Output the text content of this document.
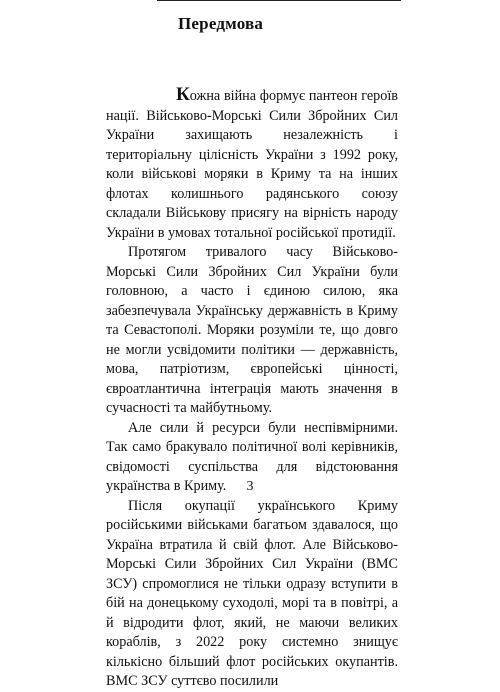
Передмова

Кожна війна формує пантеон героїв нації. Військово-Морські Сили Збройних Сил України захищають незалежність і територіальну цілісність України з 1992 року, коли військові моряки в Криму та на інших флотах колишнього радянського союзу складали Військову присягу на вірність народу України в умовах тотальної російської протидії.

Протягом тривалого часу Військово-Морські Сили Збройних Сил України були головною, а часто і єдиною силою, яка забезпечувала Українську державність в Криму та Севастополі. Моряки розуміли те, що довго не могли усвідомити політики — державність, мова, патріотизм, європейські цінності, євроатлантична інтеграція мають значення в сучасності та майбутньому.

Але сили й ресурси були неспівмірними. Так само бракувало політичної волі керівників, свідомості суспільства для відстоювання українства в Криму.

Після окупації українського Криму російськими військами багатьом здавалося, що Україна втратила й свій флот. Але Військово-Морські Сили Збройних Сил України (ВМС ЗСУ) спромоглися не тільки одразу вступити в бій на донецькому суходолі, морі та в повітрі, а й відродити флот, який, не маючи великих кораблів, з 2022 року системно знищує кількісно більший флот російських окупантів. ВМС ЗСУ суттєво посилили

3
